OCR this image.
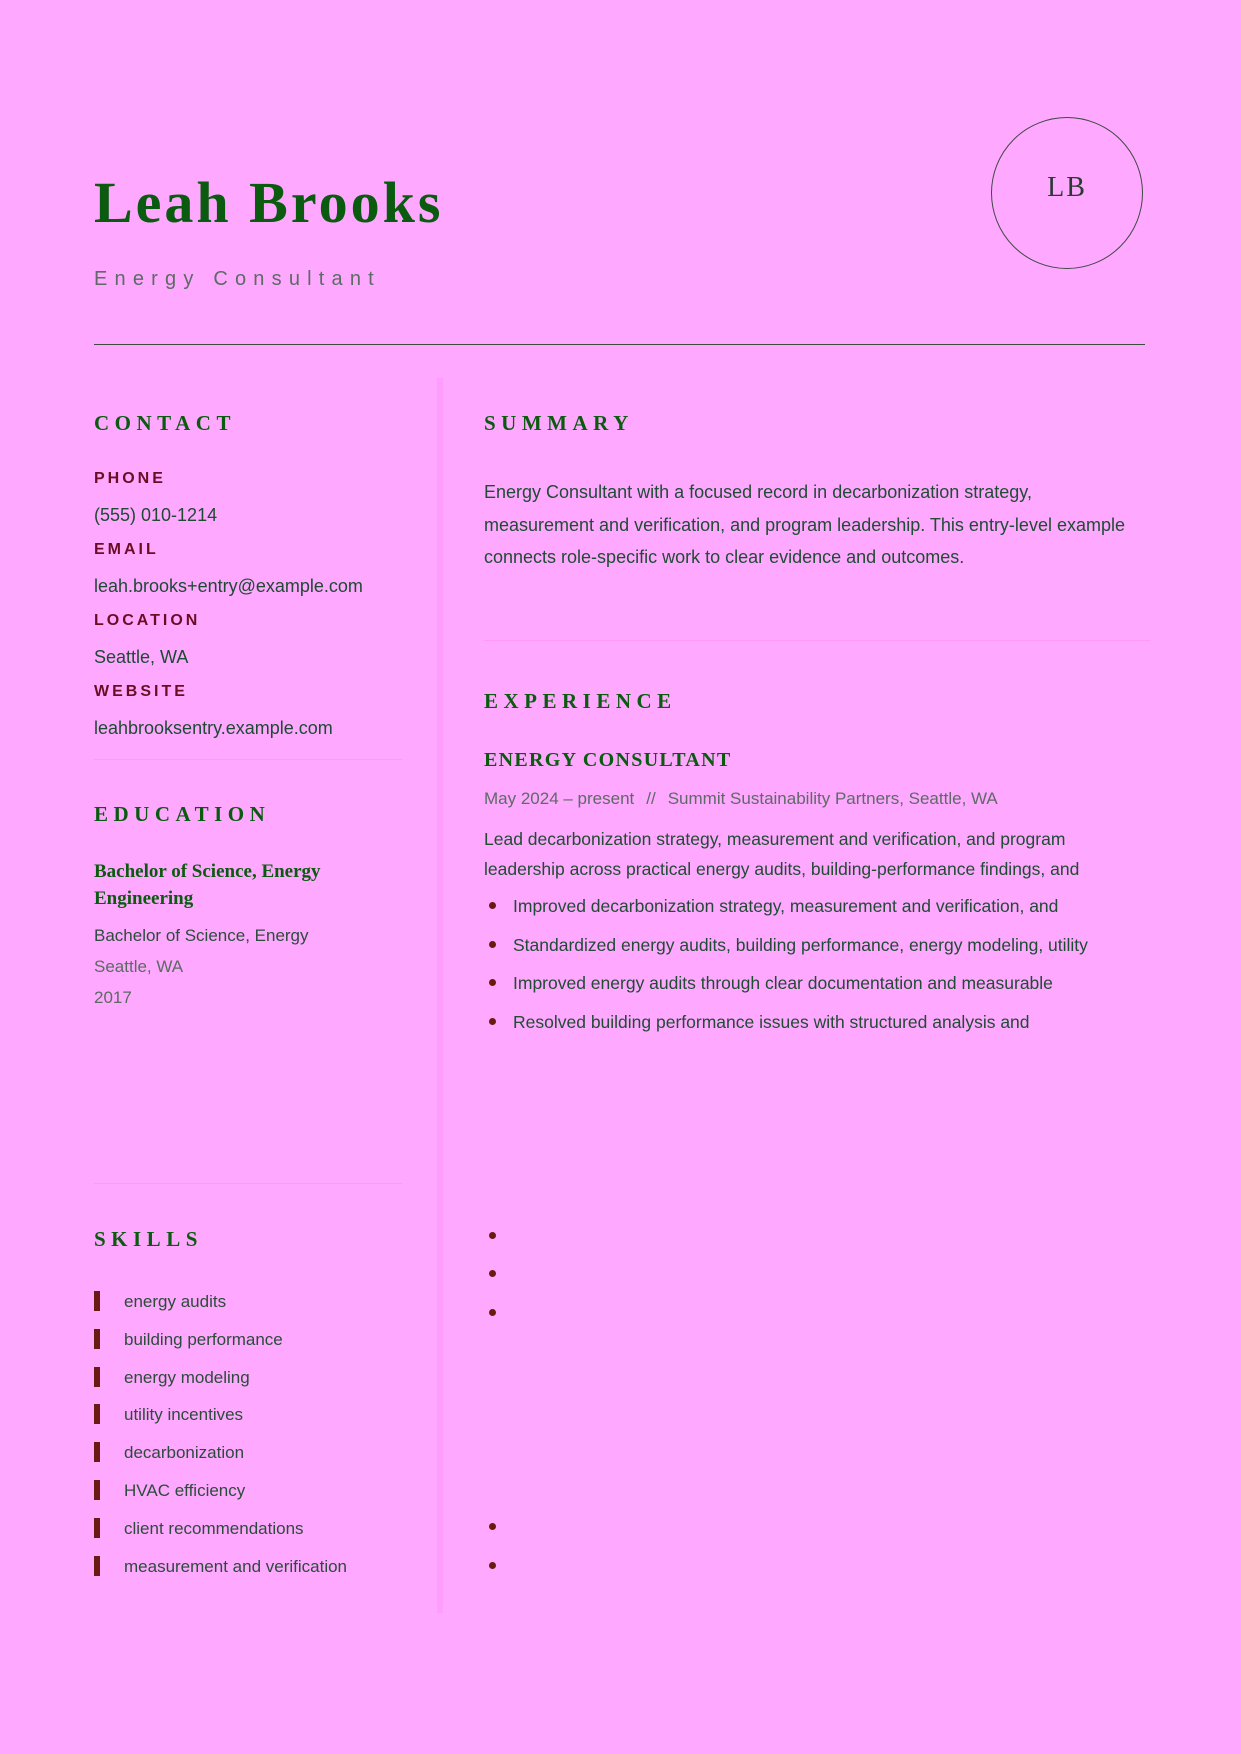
Leah Brooks
Energy Consultant
LB
CONTACT
PHONE
(555) 010-1214
EMAIL
leah.brooks+entry@example.com
LOCATION
Seattle, WA
WEBSITE
leahbrooksentry.example.com
EDUCATION
Bachelor of Science, Energy Engineering
Bachelor of Science, Energy
Seattle, WA
2017
SKILLS
energy audits
building performance
energy modeling
utility incentives
decarbonization
HVAC efficiency
client recommendations
measurement and verification
SUMMARY
Energy Consultant with a focused record in decarbonization strategy, measurement and verification, and program leadership. This entry-level example connects role-specific work to clear evidence and outcomes.
EXPERIENCE
ENERGY CONSULTANT
May 2024 – present // Summit Sustainability Partners, Seattle, WA
Lead decarbonization strategy, measurement and verification, and program leadership across practical energy audits, building-performance findings, and
Improved decarbonization strategy, measurement and verification, and
Standardized energy audits, building performance, energy modeling, utility
Improved energy audits through clear documentation and measurable
Resolved building performance issues with structured analysis and
